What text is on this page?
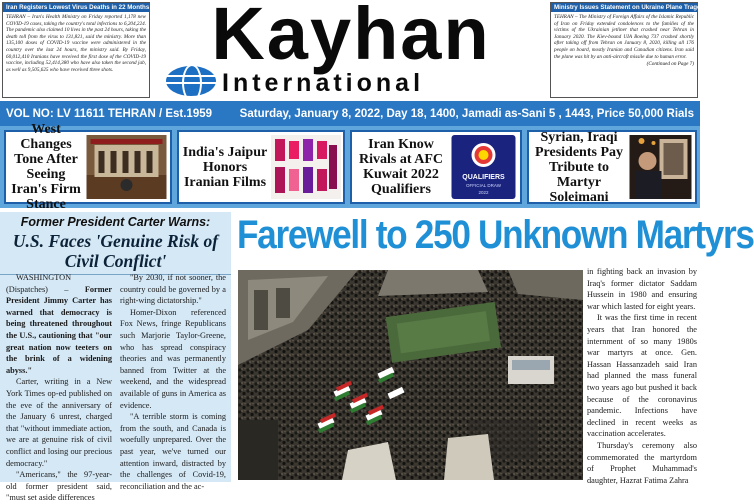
Iran Registers Lowest Virus Deaths in 22 Months

TEHRAN – Iran's Health Ministry on Friday reported 1,178 new COVID-19 cases, taking the country's total infections to 6,204,224. The pandemic also claimed 10 lives in the past 24 hours, taking the death toll from the virus to 131,821, said the ministry. More than 135,100 doses of COVID-19 vaccine were administered in the country over the last 24 hours, the ministry said. By Friday, 60,012,410 Iranians have received the first dose of the COVID-19 vaccine, including 52,414,380 who have also taken the second jab, as well as 9,505,625 who have received three shots.	Kayhan
International
Ministry Issues Statement on Ukraine Plane Tragedy

TEHRAN – The Ministry of Foreign Affairs of the Islamic Republic of Iran on Friday extended condolences to the families of the victims of the Ukrainian jetliner that crashed near Tehran in January 2020. The Kiev-bound UIA Boeing 737 crashed shortly after taking off from Tehran on January 8, 2020, killing all 176 people on board, mostly Iranian and Canadian citizens. Iran said the plane was hit by an anti-aircraft missile due to human error.

(Continued on Page 7)
VOL NO: LV 11611 TEHRAN / Est.1959 Saturday, January 8, 2022, Day 18, 1400, Jamadi as-Sani 5 , 1443, Price 50,000 Rials
West Changes Tone After Seeing Iran's Firm Stance
India's Jaipur Honors Iranian Films
Iran Know Rivals at AFC Kuwait 2022 Qualifiers
QUALIFIERS
OFFICIAL DRAW
2022
Syrian, Iraqi Presidents Pay Tribute to Martyr Soleimani
Former President Carter Warns:
U.S. Faces 'Genuine Risk of Civil Conflict'

WASHINGTON (Dispatches) – Former President Jimmy Carter has warned that democracy is being threatened throughout the U.S., cautioning that "our great nation now teeters on the brink of a widening abyss."

Carter, writing in a New York Times op-ed published on the eve of the anniversary of the January 6 unrest, charged that "without immediate action, we are at genuine risk of civil conflict and losing our precious democracy."

"Americans," the 97-year-old former president said, "must set aside differences

"By 2030, if not sooner, the country could be governed by a right-wing dictatorship."

Homer-Dixon referenced Fox News, fringe Republicans such Marjorie Taylor-Greene, who has spread conspiracy theories and was permanently banned from Twitter at the weekend, and the widespread available of guns in America as evidence.

"A terrible storm is coming from the south, and Canada is woefully unprepared. Over the past year, we've turned our attention inward, distracted by the challenges of Covid-19, reconciliation and the ac-

Farewell to 250 Unknown Martyrs

in fighting back an invasion by Iraq's former dictator Saddam Hussein in 1980 and ensuring war which lasted for eight years.

It was the first time in recent years that Iran honored the internment of so many 1980s war martyrs at once. Gen. Hassan Hassanzadeh said Iran had planned the mass funeral two years ago but pushed it back because of the coronavirus pandemic. Infections have declined in recent weeks as vaccination accelerates.

Thursday's ceremony also commemorated the martyrdom of Prophet Muhammad's daughter, Hazrat Fatima Zahra
